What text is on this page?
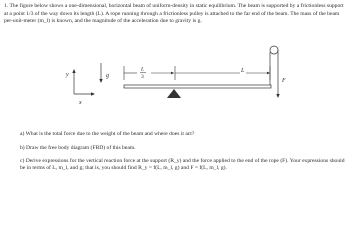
1. The figure below shows a one-dimensional, horizontal beam of uniform-density in static equilibrium. The beam is supported by a frictionless support at a point 1/3 of the way down its length (L). A rope running through a frictionless pulley is attached to the far end of the beam. The mass of the beam per-unit-meter (m_l) is known, and the magnitude of the acceleration due to gravity is g.
y
x
g
L
3
L
F
a) What is the total force due to the weight of the beam and where does it act?
b) Draw the free body diagram (FBD) of this beam.
c) Derive expressions for the vertical reaction force at the support (R_y) and the force applied to the end of the rope (F). Your expressions should be in terms of L, m_l, and g; that is, you should find R_y = f(L, m_l, g) and F = f(L, m_l, g).
